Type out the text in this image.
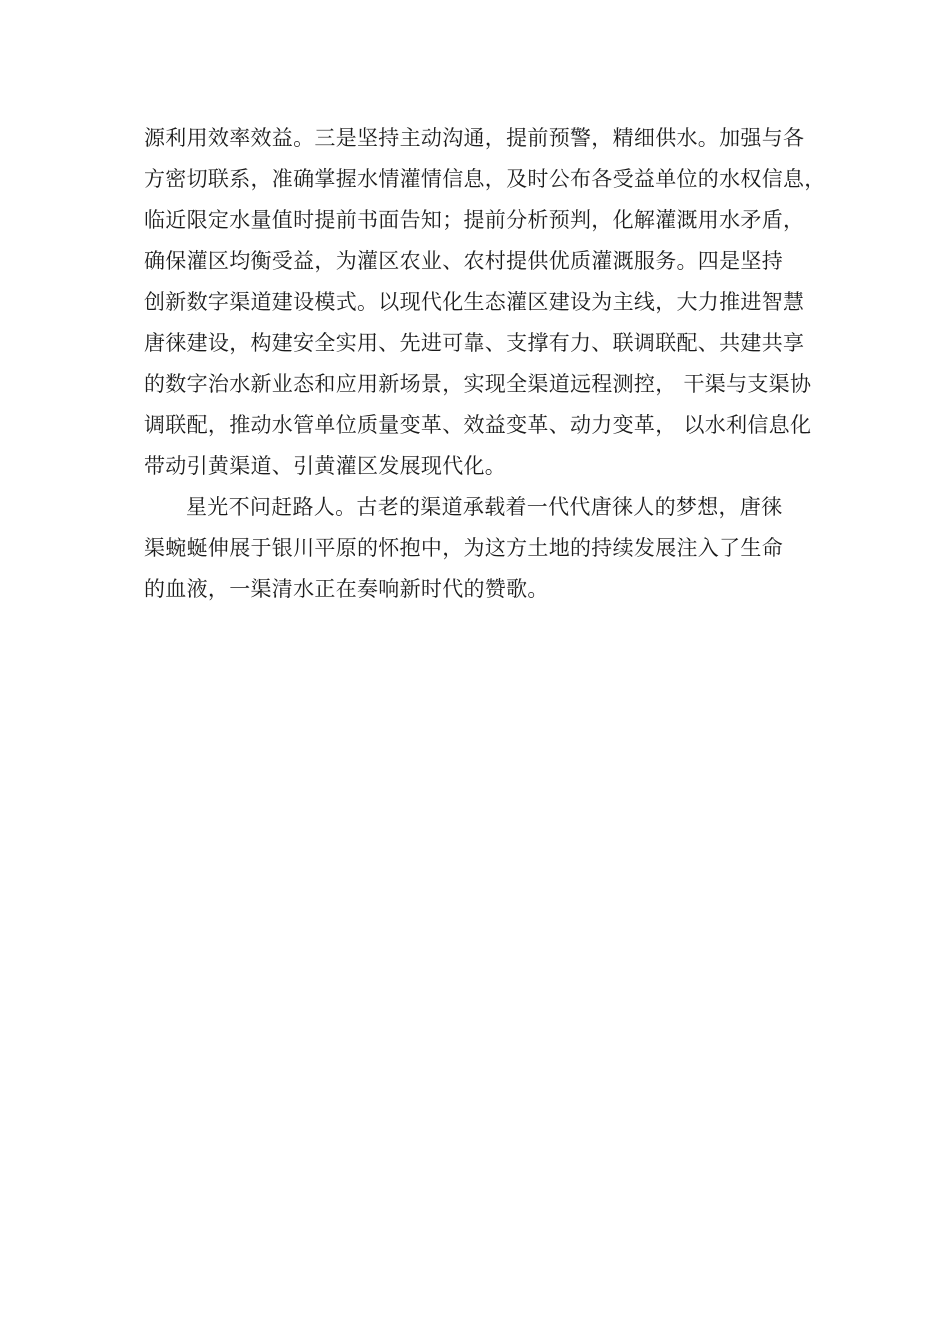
源利用效率效益。三是坚持主动沟通，提前预警，精细供水。加强与各
方密切联系，准确掌握水情灌情信息，及时公布各受益单位的水权信息，
临近限定水量值时提前书面告知；提前分析预判，化解灌溉用水矛盾，
确保灌区均衡受益，为灌区农业、农村提供优质灌溉服务。四是坚持
创新数字渠道建设模式。以现代化生态灌区建设为主线，大力推进智慧
唐徕建设，构建安全实用、先进可靠、支撑有力、联调联配、共建共享
的数字治水新业态和应用新场景，实现全渠道远程测控， 干渠与支渠协
调联配，推动水管单位质量变革、效益变革、动力变革， 以水利信息化
带动引黄渠道、引黄灌区发展现代化。
星光不问赶路人。古老的渠道承载着一代代唐徕人的梦想，唐徕
渠蜿蜒伸展于银川平原的怀抱中，为这方土地的持续发展注入了生命
的血液，一渠清水正在奏响新时代的赞歌。
